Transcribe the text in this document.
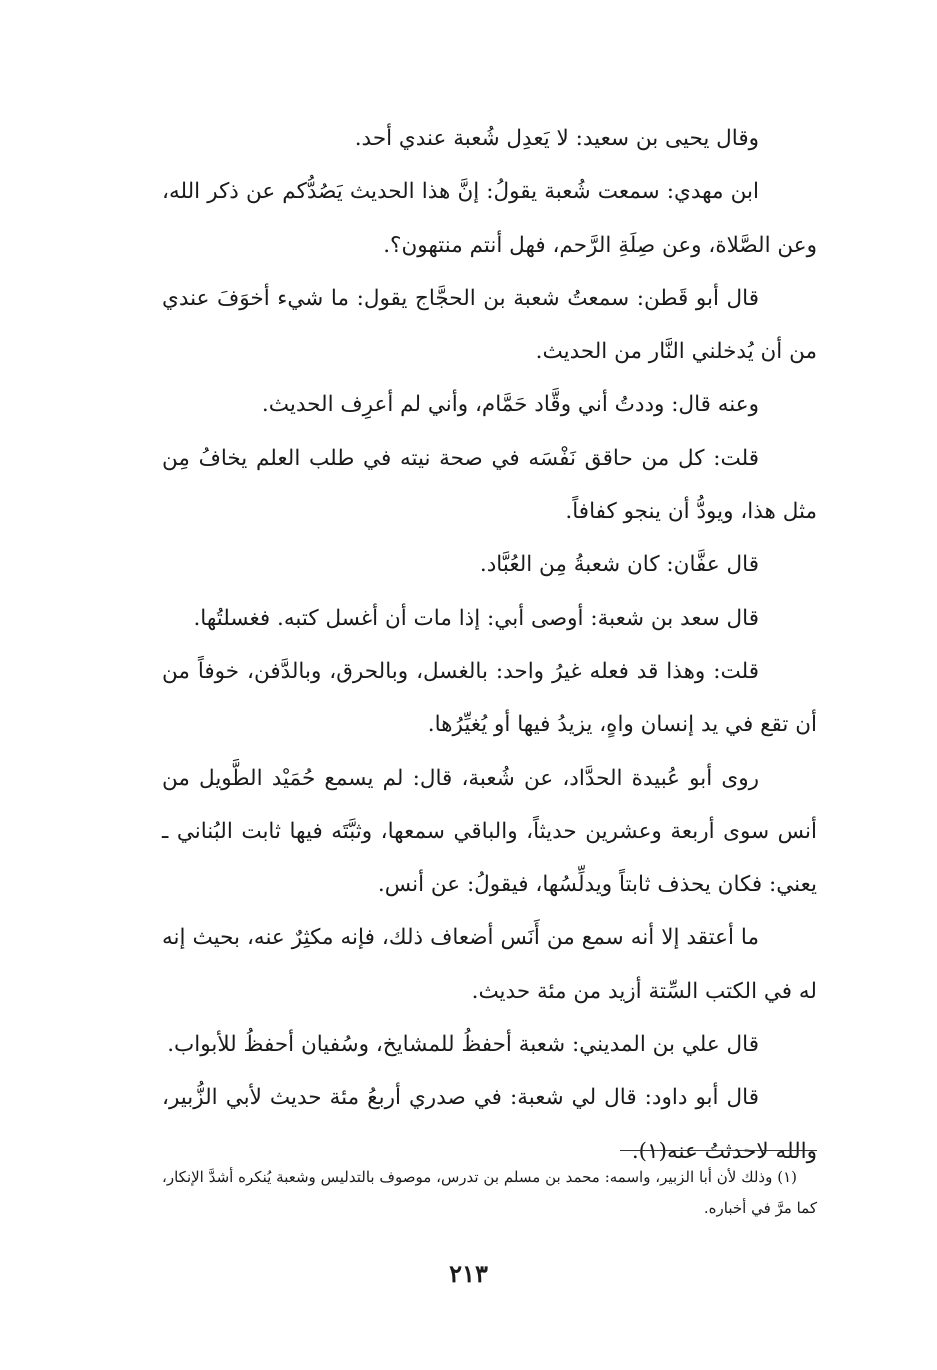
وقال يحيى بن سعيد: لا يَعدِل شُعبة عندي أحد.

ابن مهدي: سمعت شُعبة يقولُ: إنَّ هذا الحديث يَصُدُّكم عن ذكر الله، وعن الصَّلاة، وعن صِلَةِ الرَّحم، فهل أنتم منتهون؟.

قال أبو قَطن: سمعتُ شعبة بن الحجَّاج يقول: ما شيء أخوَفَ عندي من أن يُدخلني النَّار من الحديث.

وعنه قال: وددتُ أني وقَّاد حَمَّام، وأني لم أعرِف الحديث.

قلت: كل من حاقق نَفْسَه في صحة نيته في طلب العلم يخافُ مِن مثل هذا، ويودُّ أن ينجو كفافاً.

قال عفَّان: كان شعبةُ مِن العُبَّاد.

قال سعد بن شعبة: أوصى أبي: إذا مات أن أغسل كتبه. فغسلتُها.

قلت: وهذا قد فعله غيرُ واحد: بالغسل، وبالحرق، وبالدَّفن، خوفاً من أن تقع في يد إنسان واهٍ، يزيدُ فيها أو يُغيِّرُها.

روى أبو عُبيدة الحدَّاد، عن شُعبة، قال: لم يسمع حُمَيْد الطَّويل من أنس سوى أربعة وعشرين حديثاً، والباقي سمعها، وثبَّتَه فيها ثابت البُناني ـ يعني: فكان يحذف ثابتاً ويدلِّسُها، فيقولُ: عن أنس.

ما أعتقد إلا أنه سمع من أَنَس أضعاف ذلك، فإنه مكثِرٌ عنه، بحيث إنه له في الكتب السِّتة أزيد من مئة حديث.

قال علي بن المديني: شعبة أحفظُ للمشايخ، وسُفيان أحفظُ للأبواب.

قال أبو داود: قال لي شعبة: في صدري أربعُ مئة حديث لأبي الزُّبير، والله لاحدثتُ عنه(١).

(١) وذلك لأن أبا الزبير، واسمه: محمد بن مسلم بن تدرس، موصوف بالتدليس وشعبة يُنكره أشدَّ الإنكار، كما مرَّ في أخباره.

٢١٣
